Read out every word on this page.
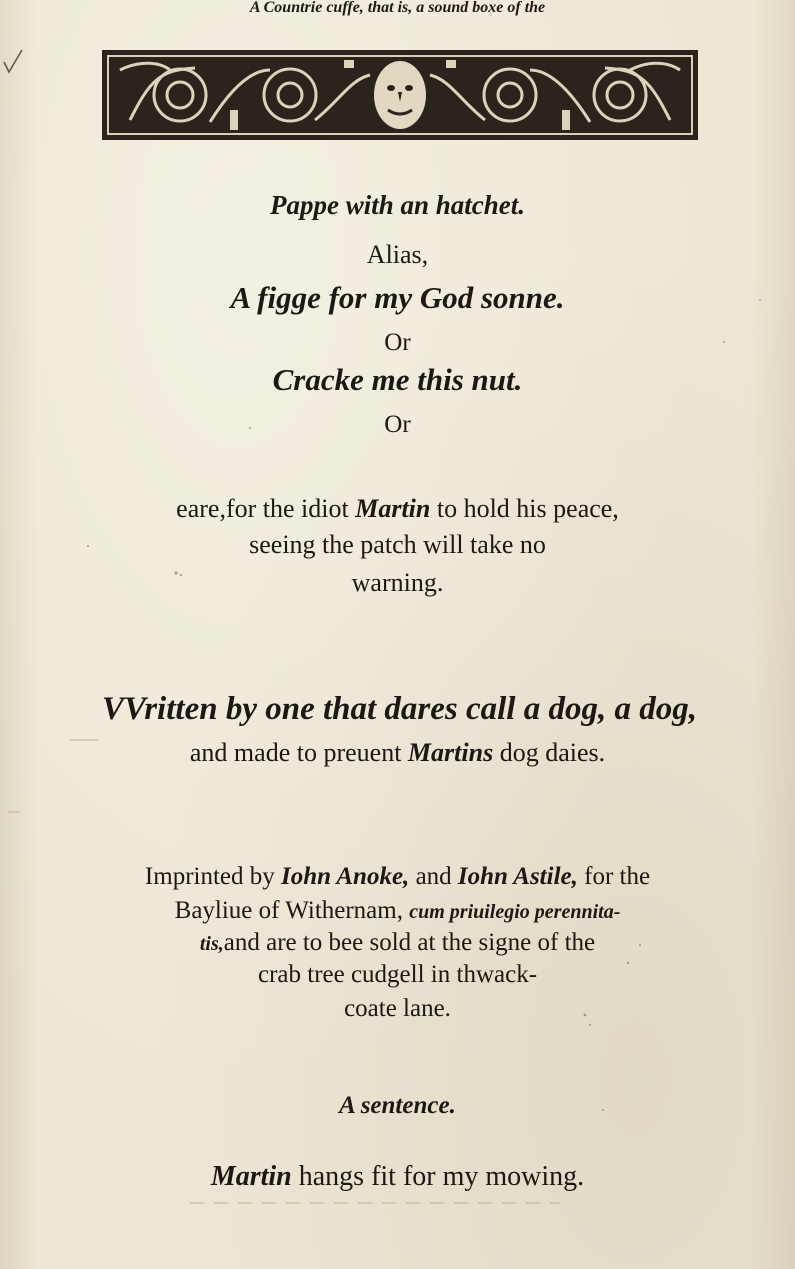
Pappe with an hatchet.
Alias,
A figge for my God sonne.
Or
Cracke me this nut.
Or
A Countrie cuffe, that is, a sound boxe of the
eare,for the idiot Martin to hold his peace,
seeing the patch will take no
warning.
VVritten by one that dares call a dog, a dog,
and made to preuent Martins dog daies.
Imprinted by Iohn Anoke, and Iohn Astile, for the
Bayliue of Withernam, cum priuilegio perennita-
tis,and are to bee sold at the signe of the
crab tree cudgell in thwack-
coate lane.
A sentence.
Martin hangs fit for my mowing.
